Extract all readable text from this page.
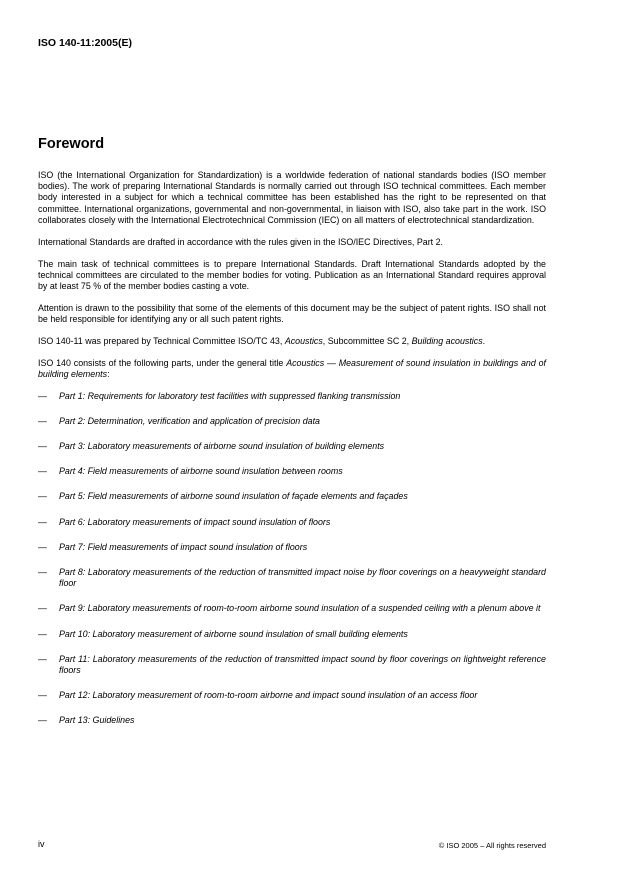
ISO 140-11:2005(E)
Foreword

ISO (the International Organization for Standardization) is a worldwide federation of national standards bodies (ISO member bodies). The work of preparing International Standards is normally carried out through ISO technical committees. Each member body interested in a subject for which a technical committee has been established has the right to be represented on that committee. International organizations, governmental and non-governmental, in liaison with ISO, also take part in the work. ISO collaborates closely with the International Electrotechnical Commission (IEC) on all matters of electrotechnical standardization.

International Standards are drafted in accordance with the rules given in the ISO/IEC Directives, Part 2.

The main task of technical committees is to prepare International Standards. Draft International Standards adopted by the technical committees are circulated to the member bodies for voting. Publication as an International Standard requires approval by at least 75 % of the member bodies casting a vote.

Attention is drawn to the possibility that some of the elements of this document may be the subject of patent rights. ISO shall not be held responsible for identifying any or all such patent rights.

ISO 140-11 was prepared by Technical Committee ISO/TC 43, Acoustics, Subcommittee SC 2, Building acoustics.

ISO 140 consists of the following parts, under the general title Acoustics — Measurement of sound insulation in buildings and of building elements:

— Part 1: Requirements for laboratory test facilities with suppressed flanking transmission
— Part 2: Determination, verification and application of precision data
— Part 3: Laboratory measurements of airborne sound insulation of building elements
— Part 4: Field measurements of airborne sound insulation between rooms
— Part 5: Field measurements of airborne sound insulation of façade elements and façades
— Part 6: Laboratory measurements of impact sound insulation of floors
— Part 7: Field measurements of impact sound insulation of floors
— Part 8: Laboratory measurements of the reduction of transmitted impact noise by floor coverings on a heavyweight standard floor
— Part 9: Laboratory measurements of room-to-room airborne sound insulation of a suspended ceiling with a plenum above it
— Part 10: Laboratory measurement of airborne sound insulation of small building elements
— Part 11: Laboratory measurements of the reduction of transmitted impact sound by floor coverings on lightweight reference floors
— Part 12: Laboratory measurement of room-to-room airborne and impact sound insulation of an access floor
— Part 13: Guidelines
iv	© ISO 2005 – All rights reserved
